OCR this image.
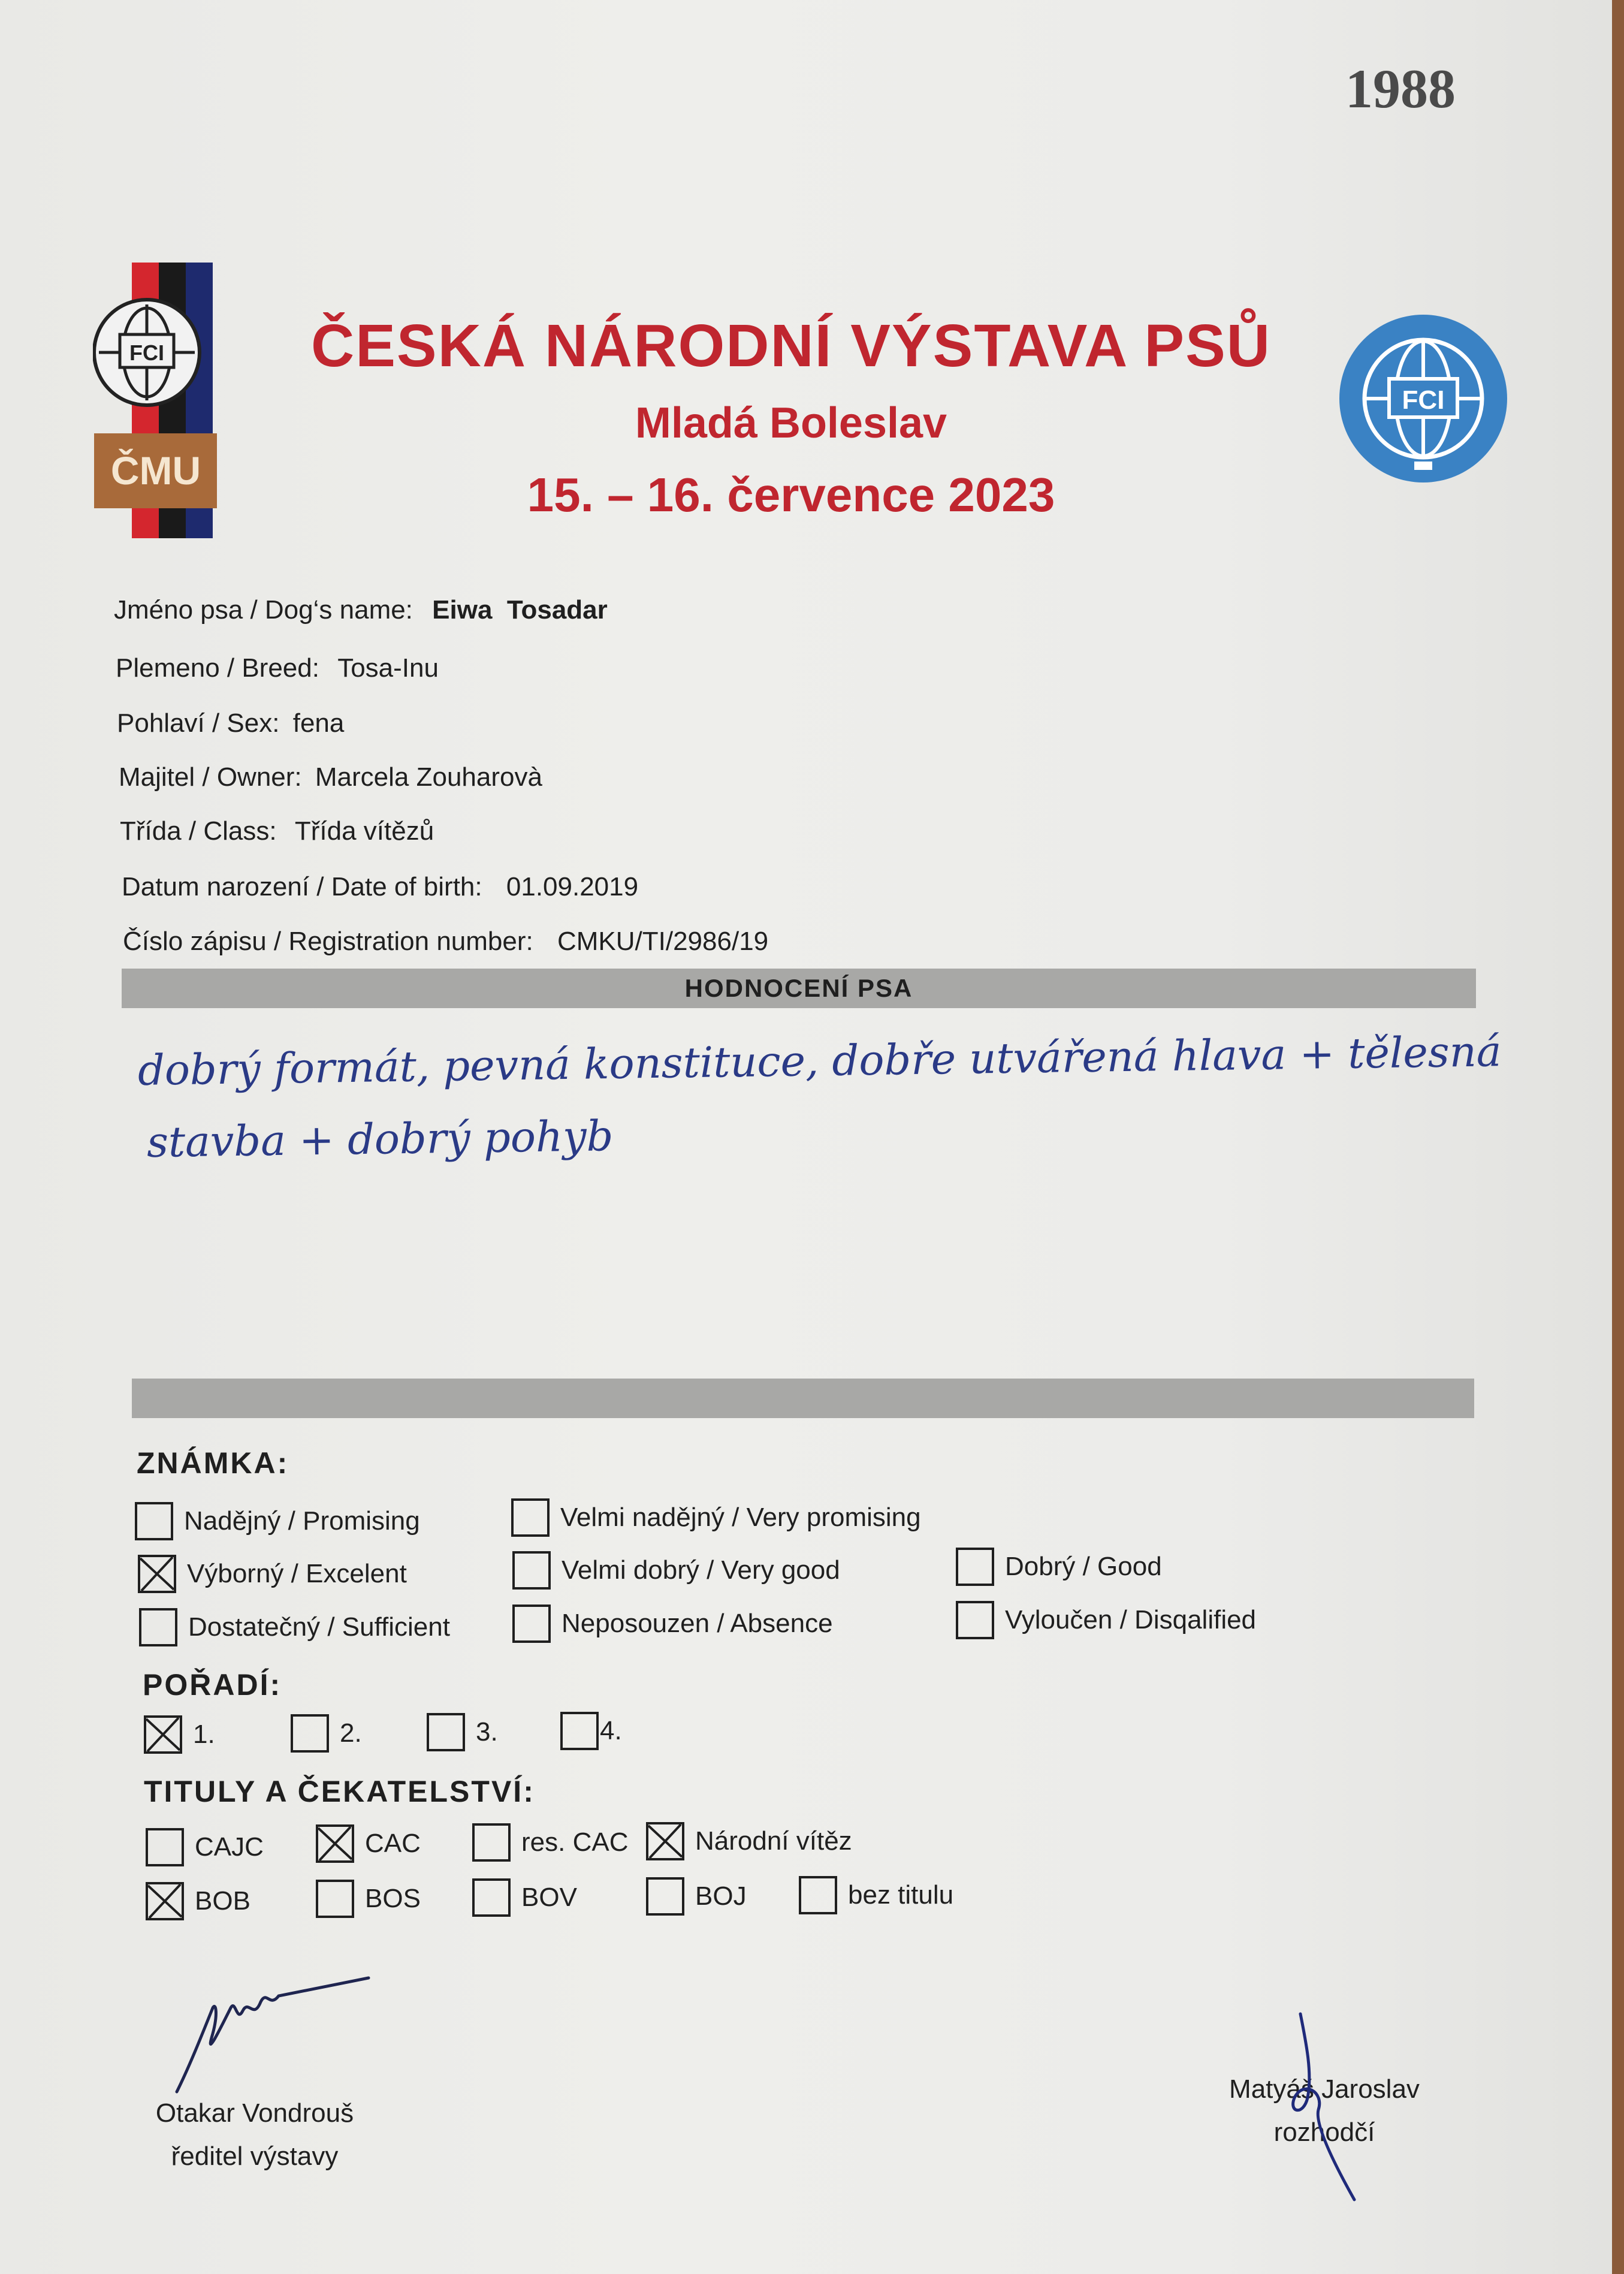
1988
FCI
ČMU
ČESKÁ NÁRODNÍ VÝSTAVA PSŮ
Mladá Boleslav
15. – 16. července 2023
FCI
Jméno psa / Dog‘s name: Eiwa  Tosadar
Plemeno / Breed: Tosa-Inu
Pohlaví / Sex: fena
Majitel / Owner: Marcela Zouharovà
Třída / Class: Třída vítězů
Datum narození / Date of birth: 01.09.2019
Číslo zápisu / Registration number: CMKU/TI/2986/19
HODNOCENÍ PSA
dobrý formát, pevná konstituce, dobře utvářená hlava + tělesná
stavba + dobrý pohyb
ZNÁMKA:
Nadějný / Promising	Velmi nadějný / Very promising
Výborný / Excelent	Velmi dobrý / Very good	Dobrý / Good
Dostatečný / Sufficient	Neposouzen / Absence	Vyloučen / Disqalified
POŘADÍ:
1.	2.	3.	4.
TITULY A ČEKATELSTVÍ:
CAJC	CAC	res. CAC	Národní vítěz
BOB	BOS	BOV	BOJ	bez titulu
Otakar Vondrouš
ředitel výstavy
Matyáš Jaroslav
rozhodčí
